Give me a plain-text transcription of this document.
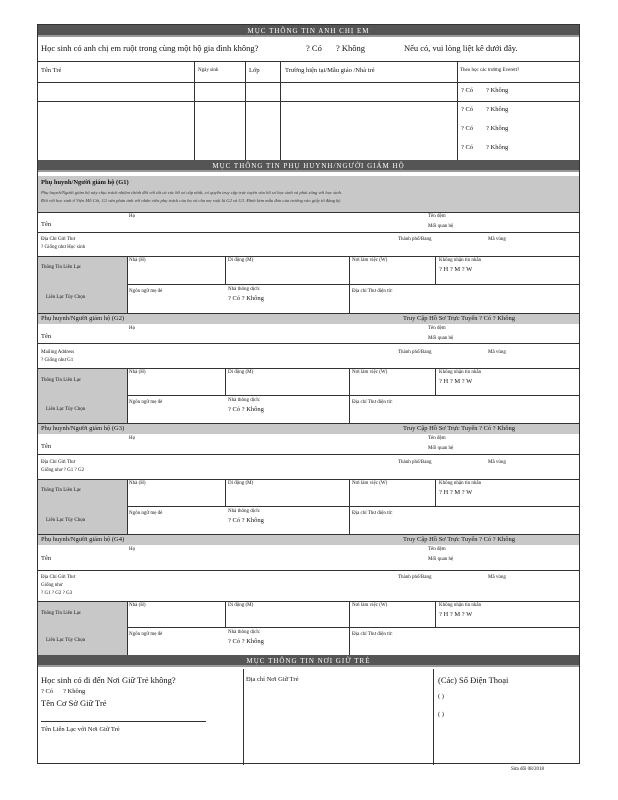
MỤC THÔNG TIN ANH CHỊ EM
Học sinh có anh chị em ruột trong cùng một hộ gia đình không?	? Có ? Không	Nếu có, vui lòng liệt kê dưới đây.
Tên Trẻ	Ngày sinh	Lớp	Trường hiện tại/Mẫu giáo /Nhà trẻ	Theo học các trường Everett?
? Có ? Không
? Có ? Không
? Có ? Không
? Có ? Không
MỤC THÔNG TIN PHỤ HUYNH/NGƯỜI GIÁM HỘ
Phụ huynh/Người giám hộ (G1)
Phụ huynh/Người giám hộ này chịu trách nhiệm chính đối với tất cả các hồ sơ cấp nhất, có quyền truy cập trực tuyến vào hồ sơ học sinh và phải sống với học sinh.
Đối với học sinh ở Viện Mồ Côi, G1 nên phản ánh với nhân viên phụ trách của họ và cha mẹ ruột là G2 và G3. Đính kèm mẫu đơn của trường vào giấy tờ đăng ký.
Họ	Tên đệm
Tên	Mối quan hệ
Địa Chỉ Gửi Thư	Thành phố/Bang	Mã vùng
? Giống như Học sinh
Thông Tin Liên Lạc
Nhà (H)	Di động (M)	Nơi làm việc (W)	Không nhận tin nhắn
? H ? M ? W
Ngôn ngữ mẹ đẻ	Nhà thông dịch:
? Có ? Không
Địa chỉ Thư điện tử:
Liên Lạc Tùy Chọn
Phụ huynh/Người giám hộ (G2)	Truy Cập Hồ Sơ Trực Tuyến ? Có ? Không
Họ	Tên đệm
Tên	Mối quan hệ
Mailing Address	Thành phố/Bang	Mã vùng
? Giống như G1
Thông Tin Liên Lạc
Nhà (H)	Di động (M)	Nơi làm việc (W)	Không nhận tin nhắn
? H ? M ? W
Ngôn ngữ mẹ đẻ	Nhà thông dịch:
? Có ? Không
Địa chỉ Thư điện tử:
Liên Lạc Tùy Chọn
Phụ huynh/Người giám hộ (G3)	Truy Cập Hồ Sơ Trực Tuyến ? Có ? Không
Họ	Tên đệm
Tên	Mối quan hệ
Địa Chỉ Gửi Thư	Thành phố/Bang	Mã vùng
Giống như ? G1 ? G2
Thông Tin Liên Lạc
Nhà (H)	Di động (M)	Nơi làm việc (W)	Không nhận tin nhắn
? H ? M ? W
Ngôn ngữ mẹ đẻ	Nhà thông dịch:
? Có ? Không
Địa chỉ Thư điện tử:
Liên Lạc Tùy Chọn
Phụ huynh/Người giám hộ (G4)	Truy Cập Hồ Sơ Trực Tuyến ? Có ? Không
Họ	Tên đệm
Tên	Mối quan hệ
Địa Chỉ Gửi Thư	Thành phố/Bang	Mã vùng
Giống như
? G1 ? G2 ? G3
Thông Tin Liên Lạc
Nhà (H)	Di động (M)	Nơi làm việc (W)	Không nhận tin nhắn
? H ? M ? W
Ngôn ngữ mẹ đẻ	Nhà thông dịch:
? Có ? Không
Địa chỉ Thư điện tử:
Liên Lạc Tùy Chọn
MỤC THÔNG TIN NƠI GIỮ TRẺ
Học sinh có đi đến Nơi Giữ Trẻ không?
? Có ? Không
Tên Cơ Sở Giữ Trẻ
Tên Liên Lạc với Nơi Giữ Trẻ
Địa chỉ Nơi Giữ Trẻ	(Các) Số Điện Thoại
( )
( )
Sửa đổi 08/2018
